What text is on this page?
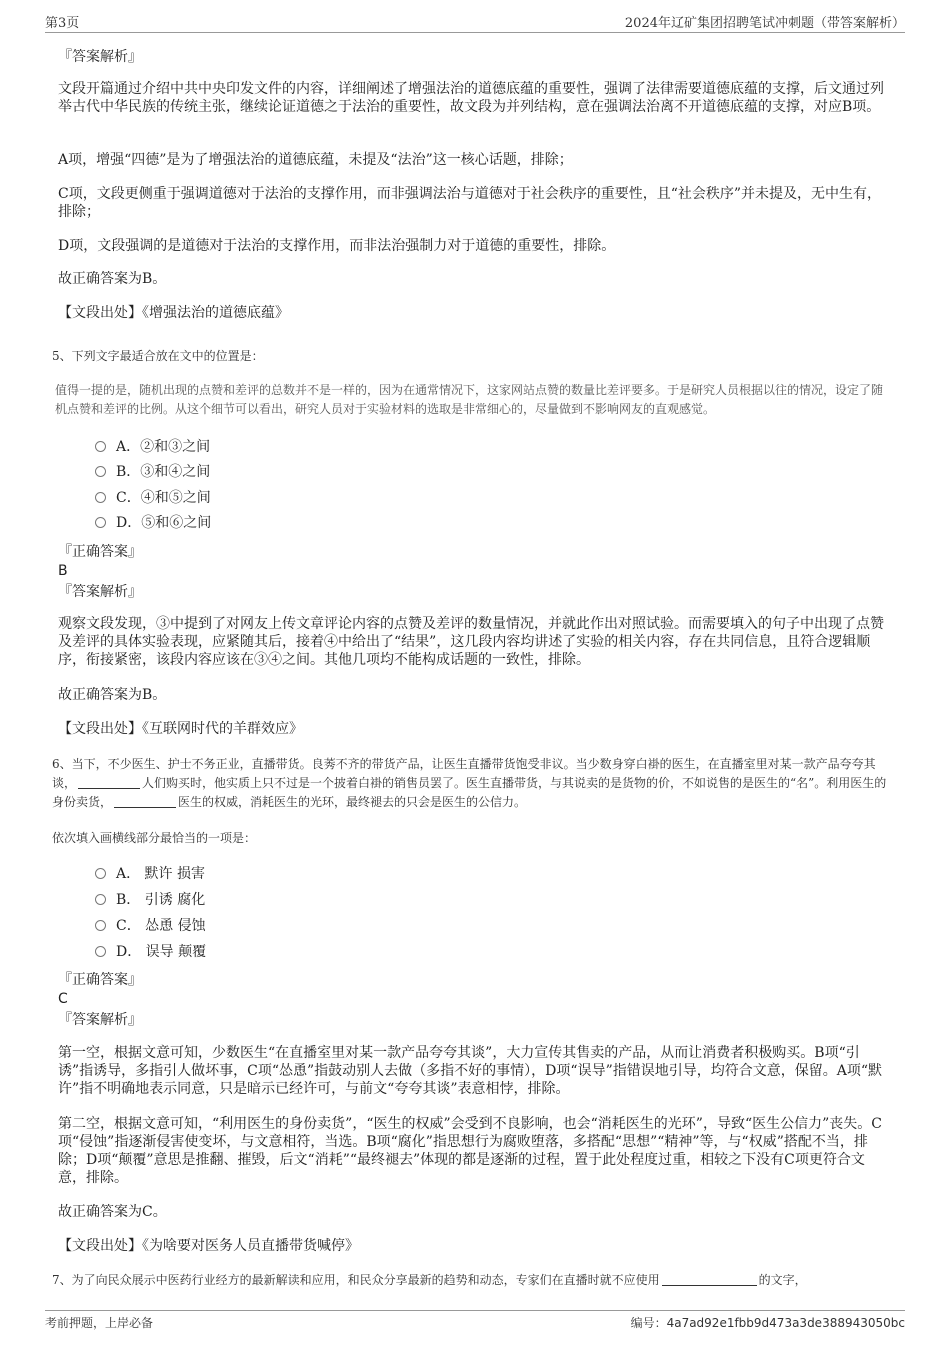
第3页	2024年辽矿集团招聘笔试冲刺题（带答案解析）
『答案解析』
文段开篇通过介绍中共中央印发文件的内容，详细阐述了增强法治的道德底蕴的重要性，强调了法律需要道德底蕴的支撑，后文通过列举古代中华民族的传统主张，继续论证道德之于法治的重要性，故文段为并列结构，意在强调法治离不开道德底蕴的支撑，对应B项。
A项，增强“四德”是为了增强法治的道德底蕴，未提及“法治”这一核心话题，排除；
C项，文段更侧重于强调道德对于法治的支撑作用，而非强调法治与道德对于社会秩序的重要性，且“社会秩序”并未提及，无中生有，排除；
D项，文段强调的是道德对于法治的支撑作用，而非法治强制力对于道德的重要性，排除。
故正确答案为B。
【文段出处】《增强法治的道德底蕴》
5、下列文字最适合放在文中的位置是：
值得一提的是，随机出现的点赞和差评的总数并不是一样的，因为在通常情况下，这家网站点赞的数量比差评要多。于是研究人员根据以往的情况，设定了随机点赞和差评的比例。从这个细节可以看出，研究人员对于实验材料的选取是非常细心的，尽量做到不影响网友的直观感觉。
A．②和③之间
B．③和④之间
C．④和⑤之间
D．⑤和⑥之间
『正确答案』
B
『答案解析』
观察文段发现，③中提到了对网友上传文章评论内容的点赞及差评的数量情况，并就此作出对照试验。而需要填入的句子中出现了点赞及差评的具体实验表现，应紧随其后，接着④中给出了“结果”，这几段内容均讲述了实验的相关内容，存在共同信息，且符合逻辑顺序，衔接紧密，该段内容应该在③④之间。其他几项均不能构成话题的一致性，排除。
故正确答案为B。
【文段出处】《互联网时代的羊群效应》
6、当下，不少医生、护士不务正业，直播带货。良莠不齐的带货产品，让医生直播带货饱受非议。当少数身穿白褂的医生，在直播室里对某一款产品夸夸其谈，	人们购买时，他实质上只不过是一个披着白褂的销售员罢了。医生直播带货，与其说卖的是货物的价，不如说售的是医生的“名”。利用医生的身份卖货，	医生的权威，消耗医生的光环，最终褪去的只会是医生的公信力。
依次填入画横线部分最恰当的一项是：
A． 默许 损害
B． 引诱 腐化
C． 怂恿 侵蚀
D． 误导 颠覆
『正确答案』
C
『答案解析』
第一空，根据文意可知，少数医生“在直播室里对某一款产品夸夸其谈”，大力宣传其售卖的产品，从而让消费者积极购买。B项“引诱”指诱导，多指引人做坏事，C项“怂恿”指鼓动别人去做（多指不好的事情），D项“误导”指错误地引导，均符合文意，保留。A项“默许”指不明确地表示同意，只是暗示已经许可，与前文“夸夸其谈”表意相悖，排除。
第二空，根据文意可知，“利用医生的身份卖货”，“医生的权威”会受到不良影响，也会“消耗医生的光环”，导致“医生公信力”丧失。C项“侵蚀”指逐渐侵害使变坏，与文意相符，当选。B项“腐化”指思想行为腐败堕落，多搭配“思想”“精神”等，与“权威”搭配不当，排除；D项“颠覆”意思是推翻、摧毁，后文“消耗”“最终褪去”体现的都是逐渐的过程，置于此处程度过重，相较之下没有C项更符合文意，排除。
故正确答案为C。
【文段出处】《为啥要对医务人员直播带货喊停》
7、为了向民众展示中医药行业经方的最新解读和应用，和民众分享最新的趋势和动态，专家们在直播时就不应使用	的文字，
考前押题，上岸必备	编号：4a7ad92e1fbb9d473a3de388943050bc
